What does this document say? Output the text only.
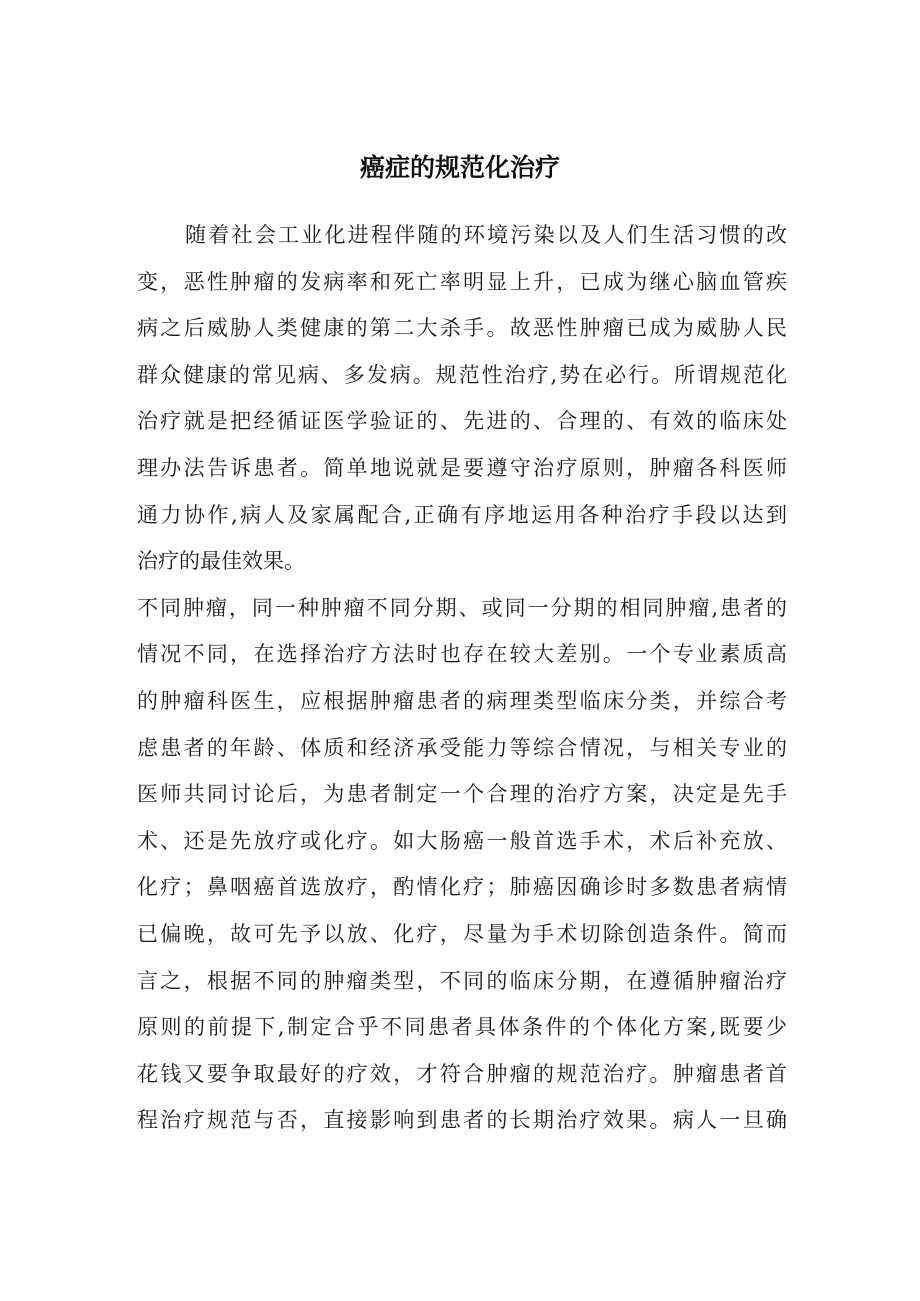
癌症的规范化治疗
随着社会工业化进程伴随的环境污染以及人们生活习惯的改
变，恶性肿瘤的发病率和死亡率明显上升，已成为继心脑血管疾
病之后威胁人类健康的第二大杀手。故恶性肿瘤已成为威胁人民
群众健康的常见病、多发病。规范性治疗,势在必行。所谓规范化
治疗就是把经循证医学验证的、先进的、合理的、有效的临床处
理办法告诉患者。简单地说就是要遵守治疗原则，肿瘤各科医师
通力协作,病人及家属配合,正确有序地运用各种治疗手段以达到
治疗的最佳效果。
不同肿瘤，同一种肿瘤不同分期、或同一分期的相同肿瘤,患者的
情况不同，在选择治疗方法时也存在较大差别。一个专业素质高
的肿瘤科医生，应根据肿瘤患者的病理类型临床分类，并综合考
虑患者的年龄、体质和经济承受能力等综合情况，与相关专业的
医师共同讨论后，为患者制定一个合理的治疗方案，决定是先手
术、还是先放疗或化疗。如大肠癌一般首选手术，术后补充放、
化疗；鼻咽癌首选放疗，酌情化疗；肺癌因确诊时多数患者病情
已偏晚，故可先予以放、化疗，尽量为手术切除创造条件。简而
言之，根据不同的肿瘤类型，不同的临床分期，在遵循肿瘤治疗
原则的前提下,制定合乎不同患者具体条件的个体化方案,既要少
花钱又要争取最好的疗效，才符合肿瘤的规范治疗。肿瘤患者首
程治疗规范与否，直接影响到患者的长期治疗效果。病人一旦确
